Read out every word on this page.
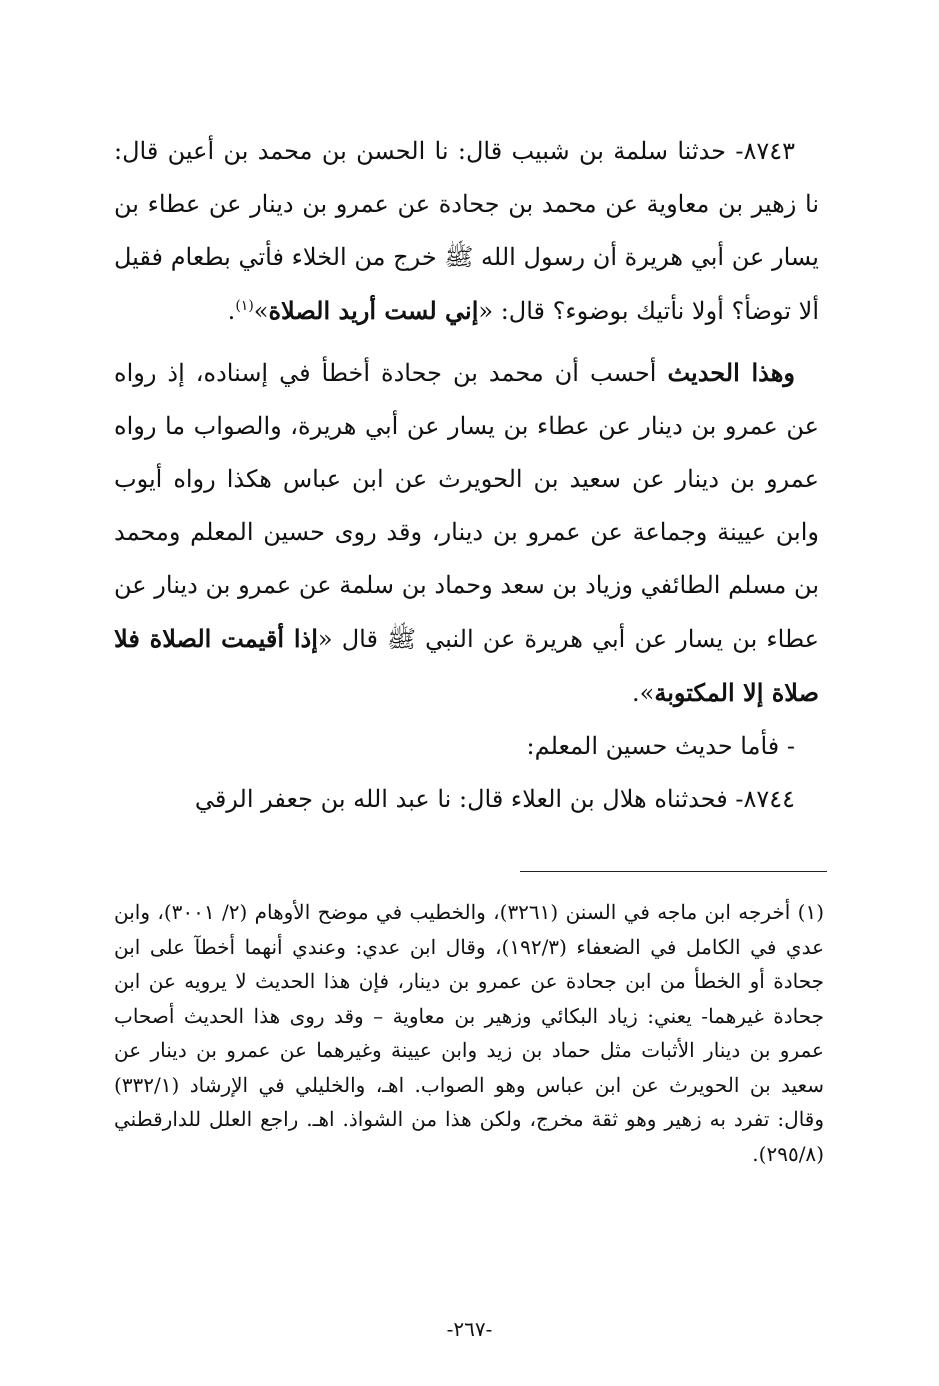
٨٧٤٣- حدثنا سلمة بن شبيب قال: نا الحسن بن محمد بن أعين قال: نا زهير بن معاوية عن محمد بن جحادة عن عمرو بن دينار عن عطاء بن يسار عن أبي هريرة أن رسول الله ﷺ خرج من الخلاء فأتي بطعام فقيل ألا توضأ؟ أولا نأتيك بوضوء؟ قال: «إني لست أريد الصلاة»$^{(١)}$.

وهذا الحديث أحسب أن محمد بن جحادة أخطأ في إسناده، إذ رواه عن عمرو بن دينار عن عطاء بن يسار عن أبي هريرة، والصواب ما رواه عمرو بن دينار عن سعيد بن الحويرث عن ابن عباس هكذا رواه أيوب وابن عيينة وجماعة عن عمرو بن دينار، وقد روى حسين المعلم ومحمد بن مسلم الطائفي وزياد بن سعد وحماد بن سلمة عن عمرو بن دينار عن عطاء بن يسار عن أبي هريرة عن النبي ﷺ قال «إذا أقيمت الصلاة فلا صلاة إلا المكتوبة».

- فأما حديث حسين المعلم:

٨٧٤٤- فحدثناه هلال بن العلاء قال: نا عبد الله بن جعفر الرقي

(١) أخرجه ابن ماجه في السنن (٣٢٦١)، والخطيب في موضح الأوهام (٢/ ٣٠٠١)، وابن عدي في الكامل في الضعفاء (١٩٢/٣)، وقال ابن عدي: وعندي أنهما أخطآ على ابن جحادة أو الخطأ من ابن جحادة عن عمرو بن دينار، فإن هذا الحديث لا يرويه عن ابن جحادة غيرهما- يعني: زياد البكائي وزهير بن معاوية – وقد روى هذا الحديث أصحاب عمرو بن دينار الأثبات مثل حماد بن زيد وابن عيينة وغيرهما عن عمرو بن دينار عن سعيد بن الحويرث عن ابن عباس وهو الصواب. اهـ، والخليلي في الإرشاد (٣٣٢/١) وقال: تفرد به زهير وهو ثقة مخرج، ولكن هذا من الشواذ. اهـ. راجع العلل للدارقطني (٢٩٥/٨).

-٢٦٧-
